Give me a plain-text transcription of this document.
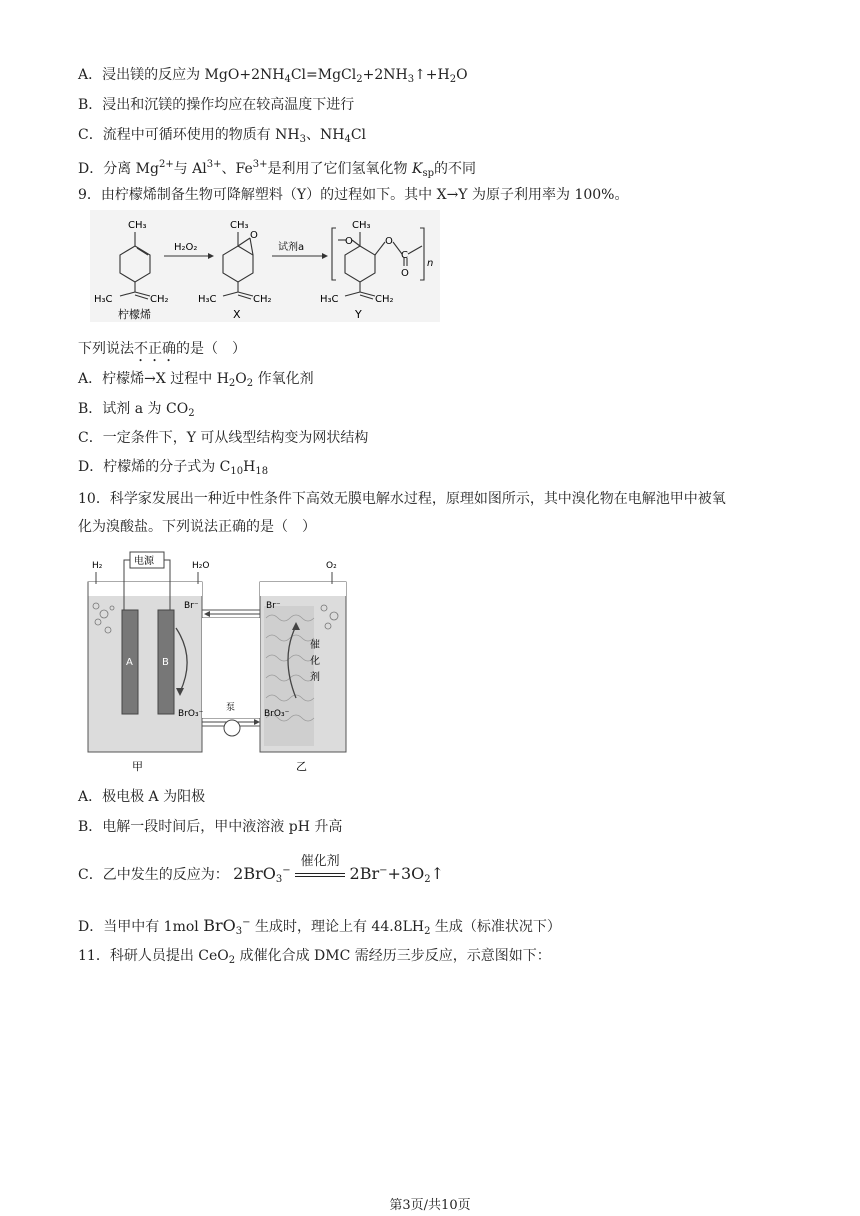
A．浸出镁的反应为 $MgO+2NH_4Cl=MgCl_2+2NH_3↑+H_2O$
B．浸出和沉镁的操作均应在较高温度下进行
C．流程中可循环使用的物质有 $NH_3$、$NH_4Cl$
D．分离 $Mg^{2+}$与 $Al^{3+}$、$Fe^{3+}$是利用了它们氢氧化物 $K_{sp}$的不同
9．由柠檬烯制备生物可降解塑料（Y）的过程如下。其中 X→Y 为原子利用率为 100%。
CH₃
H₃C	CH₂
柠檬烯
H₂O₂
CH₃
O
H₃C	CH₂
X
试剂a
CH₃
O	O
C
O
n
H₃C	CH₂
Y
下列说法不正确的是（　）
A．柠檬烯→X 过程中 $H_2O_2$ 作氧化剂
B．试剂 a 为 $CO_2$
C．一定条件下，Y 可从线型结构变为网状结构
D．柠檬烯的分子式为 $C_{10}H_{18}$
10．科学家发展出一种近中性条件下高效无膜电解水过程，原理如图所示，其中溴化物在电解池甲中被氧
化为溴酸盐。下列说法正确的是（　）
A	B
电源
H₂	H₂O	O₂
Br⁻	Br⁻
BrO₃⁻	BrO₃⁻
泵
催
化
剂
甲	乙
A．极电极 A 为阳极
B．电解一段时间后，甲中液溶液 pH 升高
C．乙中发生的反应为： 2BrO$_3$−
催化剂
$2Br^-+3O_2↑$
D．当甲中有 1mol BrO$_3$− 生成时，理论上有 $44.8LH_2$ 生成（标准状况下）
11．科研人员提出 CeO$_2$ 成催化合成 DMC 需经历三步反应，示意图如下：
第3页/共10页
